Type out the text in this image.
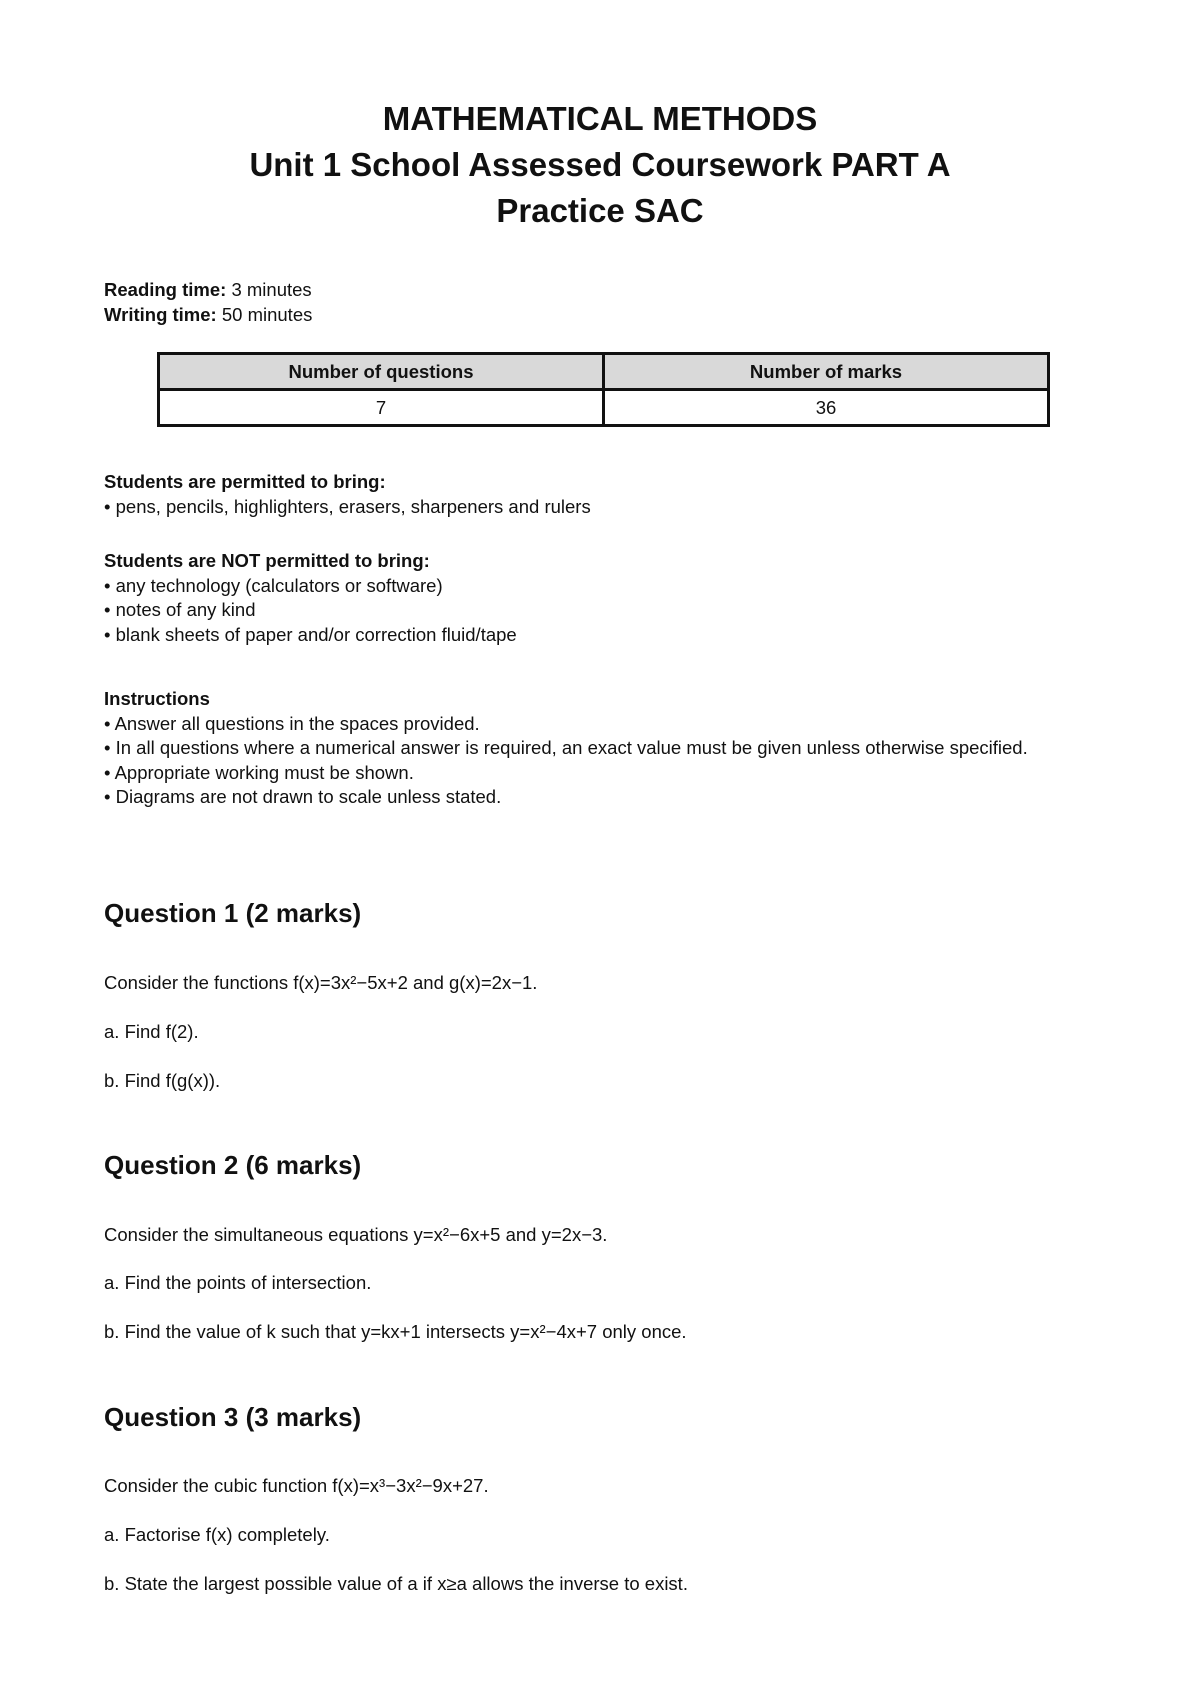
MATHEMATICAL METHODS
Unit 1 School Assessed Coursework PART A
Practice SAC
Reading time: 3 minutes
Writing time: 50 minutes
Number of questions	Number of marks
7	36
Students are permitted to bring:
• pens, pencils, highlighters, erasers, sharpeners and rulers
Students are NOT permitted to bring:
• any technology (calculators or software)
• notes of any kind
• blank sheets of paper and/or correction fluid/tape
Instructions
• Answer all questions in the spaces provided.
• In all questions where a numerical answer is required, an exact value must be given unless otherwise specified.
• Appropriate working must be shown.
• Diagrams are not drawn to scale unless stated.
Question 1 (2 marks)
Consider the functions f(x)=3x²−5x+2 and g(x)=2x−1.
a. Find f(2).
b. Find f(g(x)).
Question 2 (6 marks)
Consider the simultaneous equations y=x²−6x+5 and y=2x−3.
a. Find the points of intersection.
b. Find the value of k such that y=kx+1 intersects y=x²−4x+7 only once.
Question 3 (3 marks)
Consider the cubic function f(x)=x³−3x²−9x+27.
a. Factorise f(x) completely.
b. State the largest possible value of a if x≥a allows the inverse to exist.
